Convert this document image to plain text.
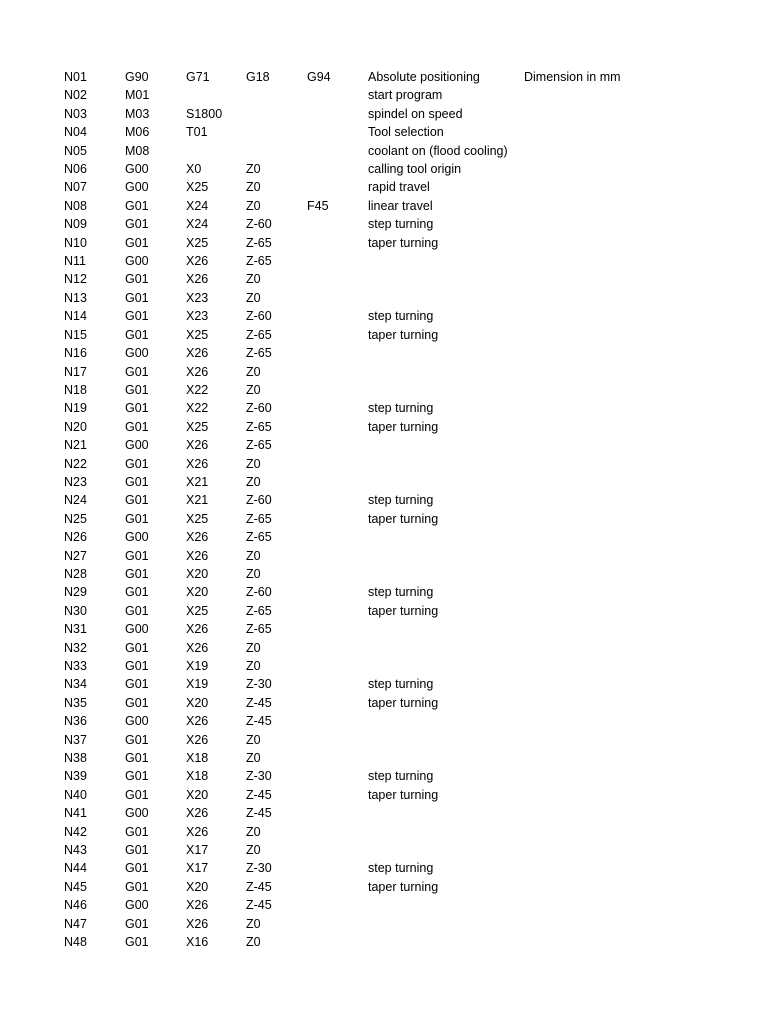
N01	G90	G71	G18	G94	Absolute positioning	Dimension in mm
N02	M01				start program	
N03	M03	S1800			spindel on speed	
N04	M06	T01			Tool selection	
N05	M08				coolant on (flood cooling)	
N06	G00	X0	Z0		calling tool origin	
N07	G00	X25	Z0		rapid travel	
N08	G01	X24	Z0	F45	linear travel	
N09	G01	X24	Z-60		step turning	
N10	G01	X25	Z-65		taper turning	
N11	G00	X26	Z-65			
N12	G01	X26	Z0			
N13	G01	X23	Z0			
N14	G01	X23	Z-60		step turning	
N15	G01	X25	Z-65		taper turning	
N16	G00	X26	Z-65			
N17	G01	X26	Z0			
N18	G01	X22	Z0			
N19	G01	X22	Z-60		step turning	
N20	G01	X25	Z-65		taper turning	
N21	G00	X26	Z-65			
N22	G01	X26	Z0			
N23	G01	X21	Z0			
N24	G01	X21	Z-60		step turning	
N25	G01	X25	Z-65		taper turning	
N26	G00	X26	Z-65			
N27	G01	X26	Z0			
N28	G01	X20	Z0			
N29	G01	X20	Z-60		step turning	
N30	G01	X25	Z-65		taper turning	
N31	G00	X26	Z-65			
N32	G01	X26	Z0			
N33	G01	X19	Z0			
N34	G01	X19	Z-30		step turning	
N35	G01	X20	Z-45		taper turning	
N36	G00	X26	Z-45			
N37	G01	X26	Z0			
N38	G01	X18	Z0			
N39	G01	X18	Z-30		step turning	
N40	G01	X20	Z-45		taper turning	
N41	G00	X26	Z-45			
N42	G01	X26	Z0			
N43	G01	X17	Z0			
N44	G01	X17	Z-30		step turning	
N45	G01	X20	Z-45		taper turning	
N46	G00	X26	Z-45			
N47	G01	X26	Z0			
N48	G01	X16	Z0			
